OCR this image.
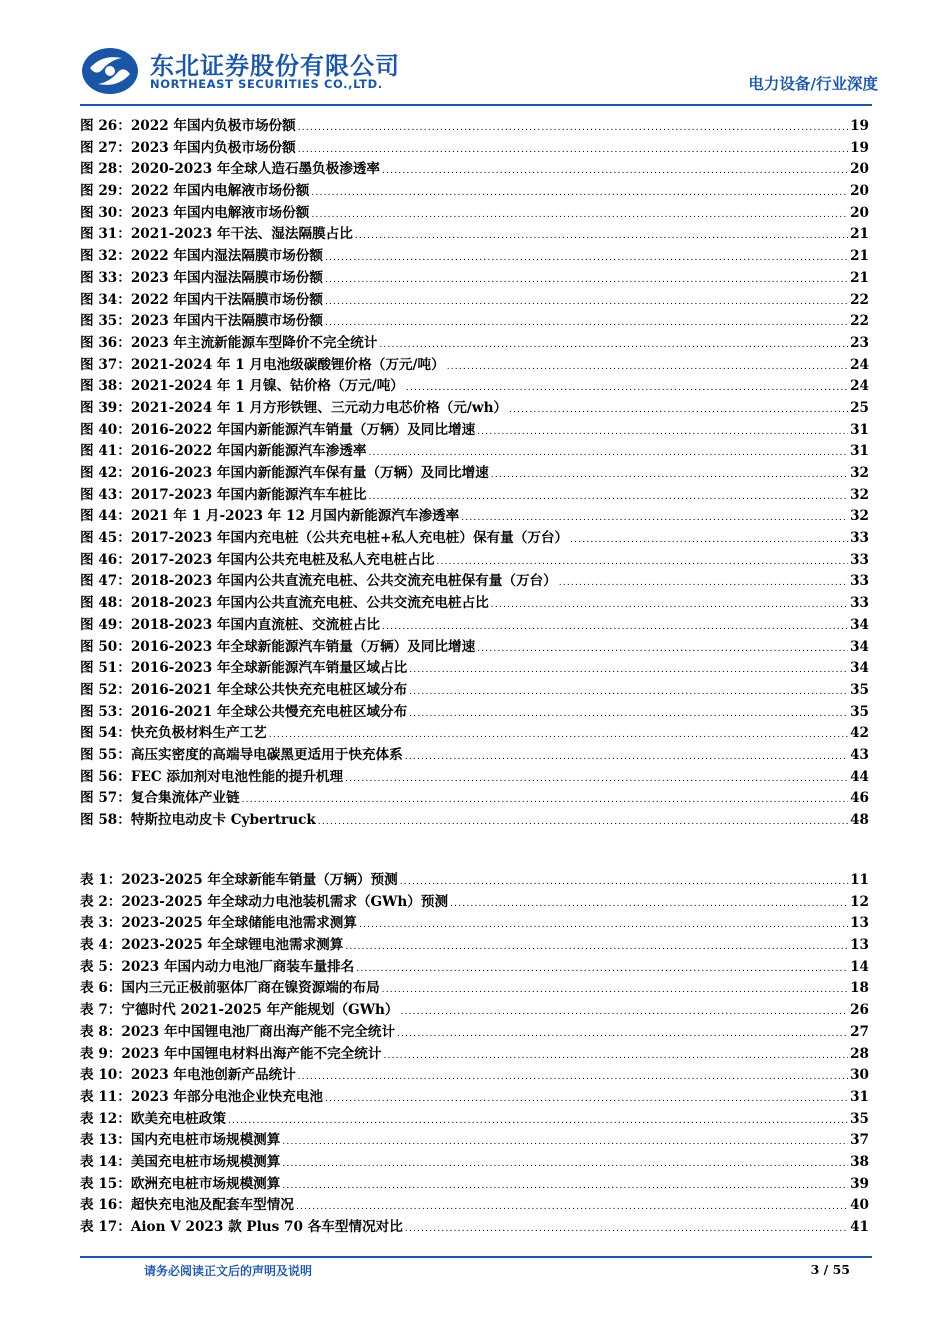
东北证券股份有限公司
NORTHEAST SECURITIES CO.,LTD.	电力设备/行业深度
图 26：2022 年国内负极市场份额 .....	19
图 27：2023 年国内负极市场份额 .....	19
图 28：2020-2023 年全球人造石墨负极渗透率 .....	20
图 29：2022 年国内电解液市场份额 .....	20
图 30：2023 年国内电解液市场份额 .....	20
图 31：2021-2023 年干法、湿法隔膜占比 .....	21
图 32：2022 年国内湿法隔膜市场份额 .....	21
图 33：2023 年国内湿法隔膜市场份额 .....	21
图 34：2022 年国内干法隔膜市场份额 .....	22
图 35：2023 年国内干法隔膜市场份额 .....	22
图 36：2023 年主流新能源车型降价不完全统计 .....	23
图 37：2021-2024 年 1 月电池级碳酸锂价格（万元/吨） .....	24
图 38：2021-2024 年 1 月镍、钴价格（万元/吨） .....	24
图 39：2021-2024 年 1 月方形铁锂、三元动力电芯价格（元/wh） .....	25
图 40：2016-2022 年国内新能源汽车销量（万辆）及同比增速 .....	31
图 41：2016-2022 年国内新能源汽车渗透率 .....	31
图 42：2016-2023 年国内新能源汽车保有量（万辆）及同比增速 .....	32
图 43：2017-2023 年国内新能源汽车车桩比 .....	32
图 44：2021 年 1 月-2023 年 12 月国内新能源汽车渗透率 .....	32
图 45：2017-2023 年国内充电桩（公共充电桩+私人充电桩）保有量（万台） .....	33
图 46：2017-2023 年国内公共充电桩及私人充电桩占比 .....	33
图 47：2018-2023 年国内公共直流充电桩、公共交流充电桩保有量（万台） .....	33
图 48：2018-2023 年国内公共直流充电桩、公共交流充电桩占比 .....	33
图 49：2018-2023 年国内直流桩、交流桩占比 .....	34
图 50：2016-2023 年全球新能源汽车销量（万辆）及同比增速 .....	34
图 51：2016-2023 年全球新能源汽车销量区域占比 .....	34
图 52：2016-2021 年全球公共快充充电桩区域分布 .....	35
图 53：2016-2021 年全球公共慢充充电桩区域分布 .....	35
图 54：快充负极材料生产工艺 .....	42
图 55：高压实密度的高端导电碳黑更适用于快充体系 .....	43
图 56：FEC 添加剂对电池性能的提升机理 .....	44
图 57：复合集流体产业链 .....	46
图 58：特斯拉电动皮卡 Cybertruck .....	48
表 1：2023-2025 年全球新能车销量（万辆）预测 .....	11
表 2：2023-2025 年全球动力电池装机需求（GWh）预测 .....	12
表 3：2023-2025 年全球储能电池需求测算 .....	13
表 4：2023-2025 年全球锂电池需求测算 .....	13
表 5：2023 年国内动力电池厂商装车量排名 .....	14
表 6：国内三元正极前驱体厂商在镍资源端的布局 .....	18
表 7：宁德时代 2021-2025 年产能规划（GWh） .....	26
表 8：2023 年中国锂电池厂商出海产能不完全统计 .....	27
表 9：2023 年中国锂电材料出海产能不完全统计 .....	28
表 10：2023 年电池创新产品统计 .....	30
表 11：2023 年部分电池企业快充电池 .....	31
表 12：欧美充电桩政策 .....	35
表 13：国内充电桩市场规模测算 .....	37
表 14：美国充电桩市场规模测算 .....	38
表 15：欧洲充电桩市场规模测算 .....	39
表 16：超快充电池及配套车型情况 .....	40
表 17：Aion V 2023 款 Plus 70 各车型情况对比 .....	41
请务必阅读正文后的声明及说明	3 / 55
